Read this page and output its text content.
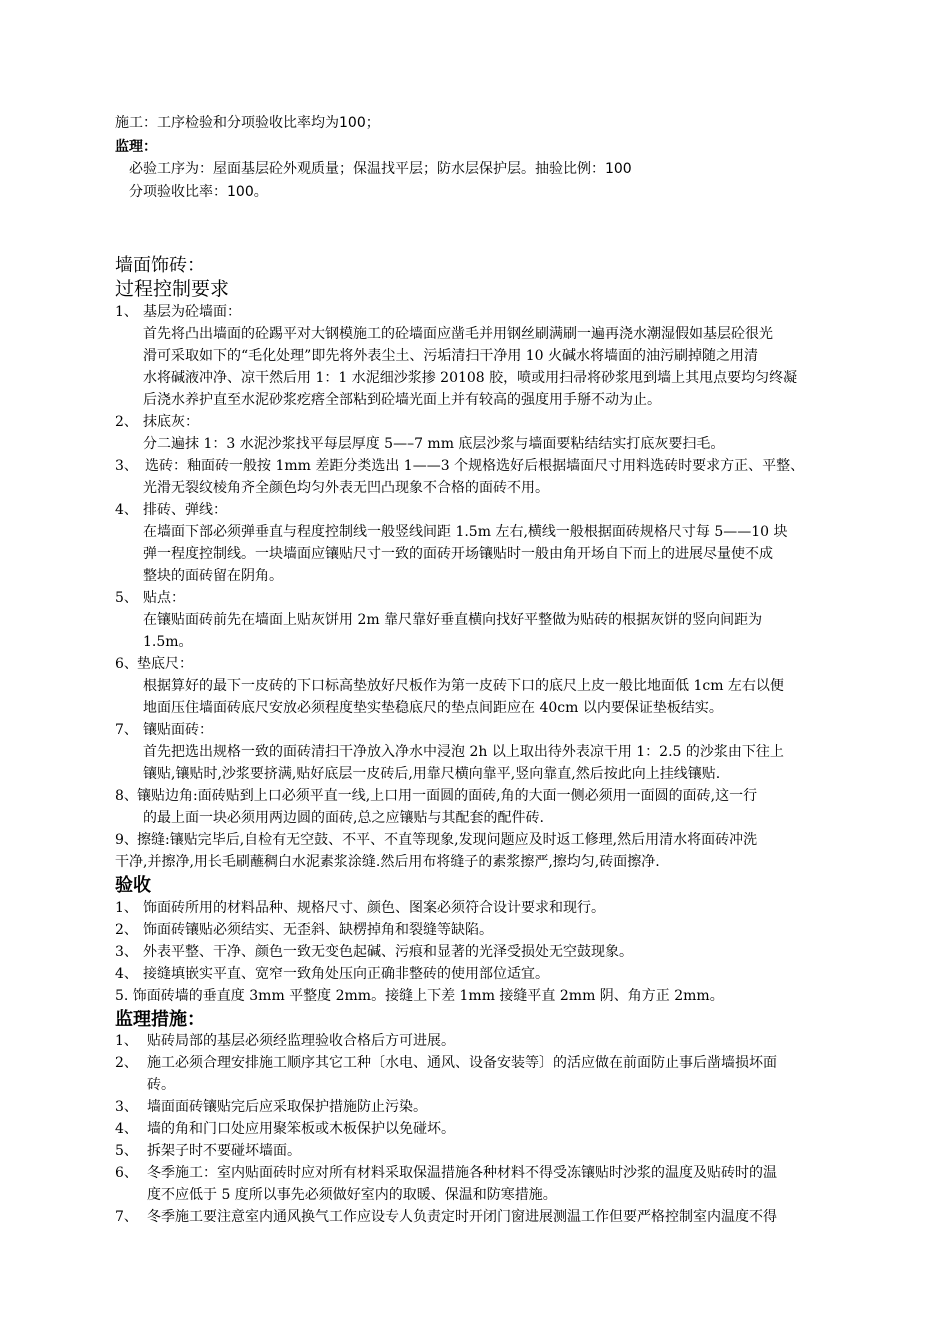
施工：工序检验和分项验收比率均为100；
监理：
必验工序为：屋面基层砼外观质量；保温找平层；防水层保护层。抽验比例：100
分项验收比率：100。
墙面饰砖：
过程控制要求
1、 基层为砼墙面：
首先将凸出墙面的砼踢平对大钢模施工的砼墙面应凿毛并用钢丝刷满刷一遍再浇水潮湿假如基层砼很光
滑可采取如下的“毛化处理”即先将外表尘土、污垢清扫干净用 10 火碱水将墙面的油污刷掉随之用清
水将碱液冲净、凉干然后用 1：1 水泥细沙浆掺 20108 胶，喷或用扫帚将砂浆甩到墙上其甩点要均匀终凝
后浇水养护直至水泥砂浆疙瘩全部粘到砼墙光面上并有较高的强度用手掰不动为止。
2、 抹底灰：
分二遍抹 1：3 水泥沙浆找平每层厚度 5—–7 mm 底层沙浆与墙面要粘结结实打底灰要扫毛。
3、 选砖：釉面砖一般按 1mm 差距分类选出 1——3 个规格选好后根据墙面尺寸用料选砖时要求方正、平整、
光滑无裂纹棱角齐全颜色均匀外表无凹凸现象不合格的面砖不用。
4、 排砖、弹线：
在墙面下部必须弹垂直与程度控制线一般竖线间距 1.5m 左右,横线一般根据面砖规格尺寸每 5——10 块
弹一程度控制线。一块墙面应镶贴尺寸一致的面砖开场镶贴时一般由角开场自下而上的进展尽量使不成
整块的面砖留在阴角。
5、 贴点：
在镶贴面砖前先在墙面上贴灰饼用 2m 靠尺靠好垂直横向找好平整做为贴砖的根据灰饼的竖向间距为
1.5m。
6、 垫底尺：
根据算好的最下一皮砖的下口标高垫放好尺板作为第一皮砖下口的底尺上皮一般比地面低 1cm 左右以便
地面压住墙面砖底尺安放必须程度垫实垫稳底尺的垫点间距应在 40cm 以内要保证垫板结实。
7、 镶贴面砖：
首先把选出规格一致的面砖清扫干净放入净水中浸泡 2h 以上取出待外表凉干用 1：2.5 的沙浆由下往上
镶贴,镶贴时,沙浆要挤满,贴好底层一皮砖后,用靠尺横向靠平,竖向靠直,然后按此向上挂线镶贴.
8、 镶贴边角:面砖贴到上口必须平直一线,上口用一面圆的面砖,角的大面一侧必须用一面圆的面砖,这一行
的最上面一块必须用两边圆的面砖,总之应镶贴与其配套的配件砖.
9、 擦缝:镶贴完毕后,自检有无空鼓、不平、不直等现象,发现问题应及时返工修理,然后用清水将面砖冲洗
干净,并擦净,用长毛刷蘸稠白水泥素浆涂缝.然后用布将缝子的素浆擦严,擦均匀,砖面擦净.
验收
1、 饰面砖所用的材料品种、规格尺寸、颜色、图案必须符合设计要求和现行。
2、 饰面砖镶贴必须结实、无歪斜、缺楞掉角和裂缝等缺陷。
3、 外表平整、干净、颜色一致无变色起碱、污痕和显著的光泽受损处无空鼓现象。
4、 接缝填嵌实平直、宽窄一致角处压向正确非整砖的使用部位适宜。
5. 饰面砖墙的垂直度 3mm 平整度 2mm。接缝上下差 1mm 接缝平直 2mm 阴、角方正 2mm。
监理措施：
1、 贴砖局部的基层必须经监理验收合格后方可进展。
2、 施工必须合理安排施工顺序其它工种〔水电、通风、设备安装等〕的活应做在前面防止事后凿墙损坏面
砖。
3、 墙面面砖镶贴完后应采取保护措施防止污染。
4、 墙的角和门口处应用聚笨板或木板保护以免碰坏。
5、 拆架子时不要碰坏墙面。
6、 冬季施工：室内贴面砖时应对所有材料采取保温措施各种材料不得受冻镶贴时沙浆的温度及贴砖时的温
度不应低于 5 度所以事先必须做好室内的取暖、保温和防寒措施。
7、 冬季施工要注意室内通风换气工作应设专人负责定时开闭门窗进展测温工作但要严格控制室内温度不得
